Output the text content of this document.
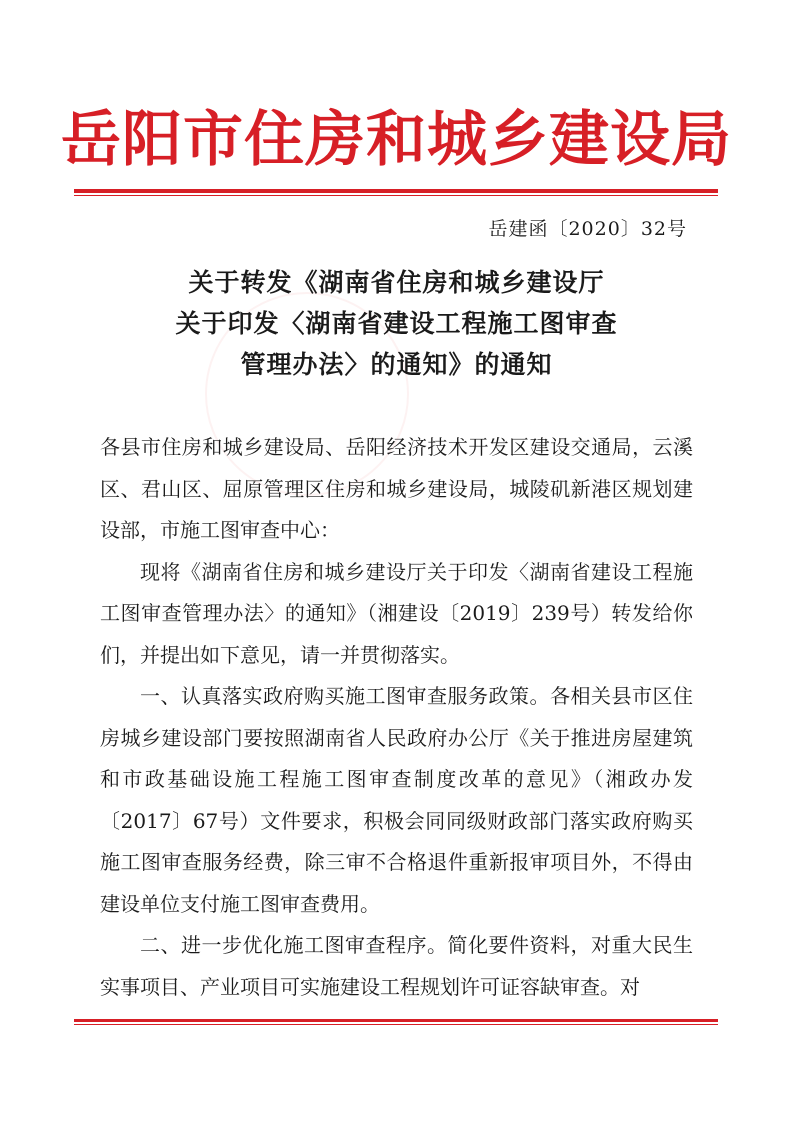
岳阳市住房和城乡建设局
岳建函〔2020〕32号
关于转发《湖南省住房和城乡建设厅
关于印发〈湖南省建设工程施工图审查
管理办法〉的通知》的通知

各县市住房和城乡建设局、岳阳经济技术开发区建设交通局，云溪区、君山区、屈原管理区住房和城乡建设局，城陵矶新港区规划建设部，市施工图审查中心：

现将《湖南省住房和城乡建设厅关于印发〈湖南省建设工程施工图审查管理办法〉的通知》（湘建设〔2019〕239号）转发给你们，并提出如下意见，请一并贯彻落实。

一、认真落实政府购买施工图审查服务政策。各相关县市区住房城乡建设部门要按照湖南省人民政府办公厅《关于推进房屋建筑和市政基础设施工程施工图审查制度改革的意见》（湘政办发〔2017〕67号）文件要求，积极会同同级财政部门落实政府购买施工图审查服务经费，除三审不合格退件重新报审项目外，不得由建设单位支付施工图审查费用。

二、进一步优化施工图审查程序。简化要件资料，对重大民生实事项目、产业项目可实施建设工程规划许可证容缺审查。对
